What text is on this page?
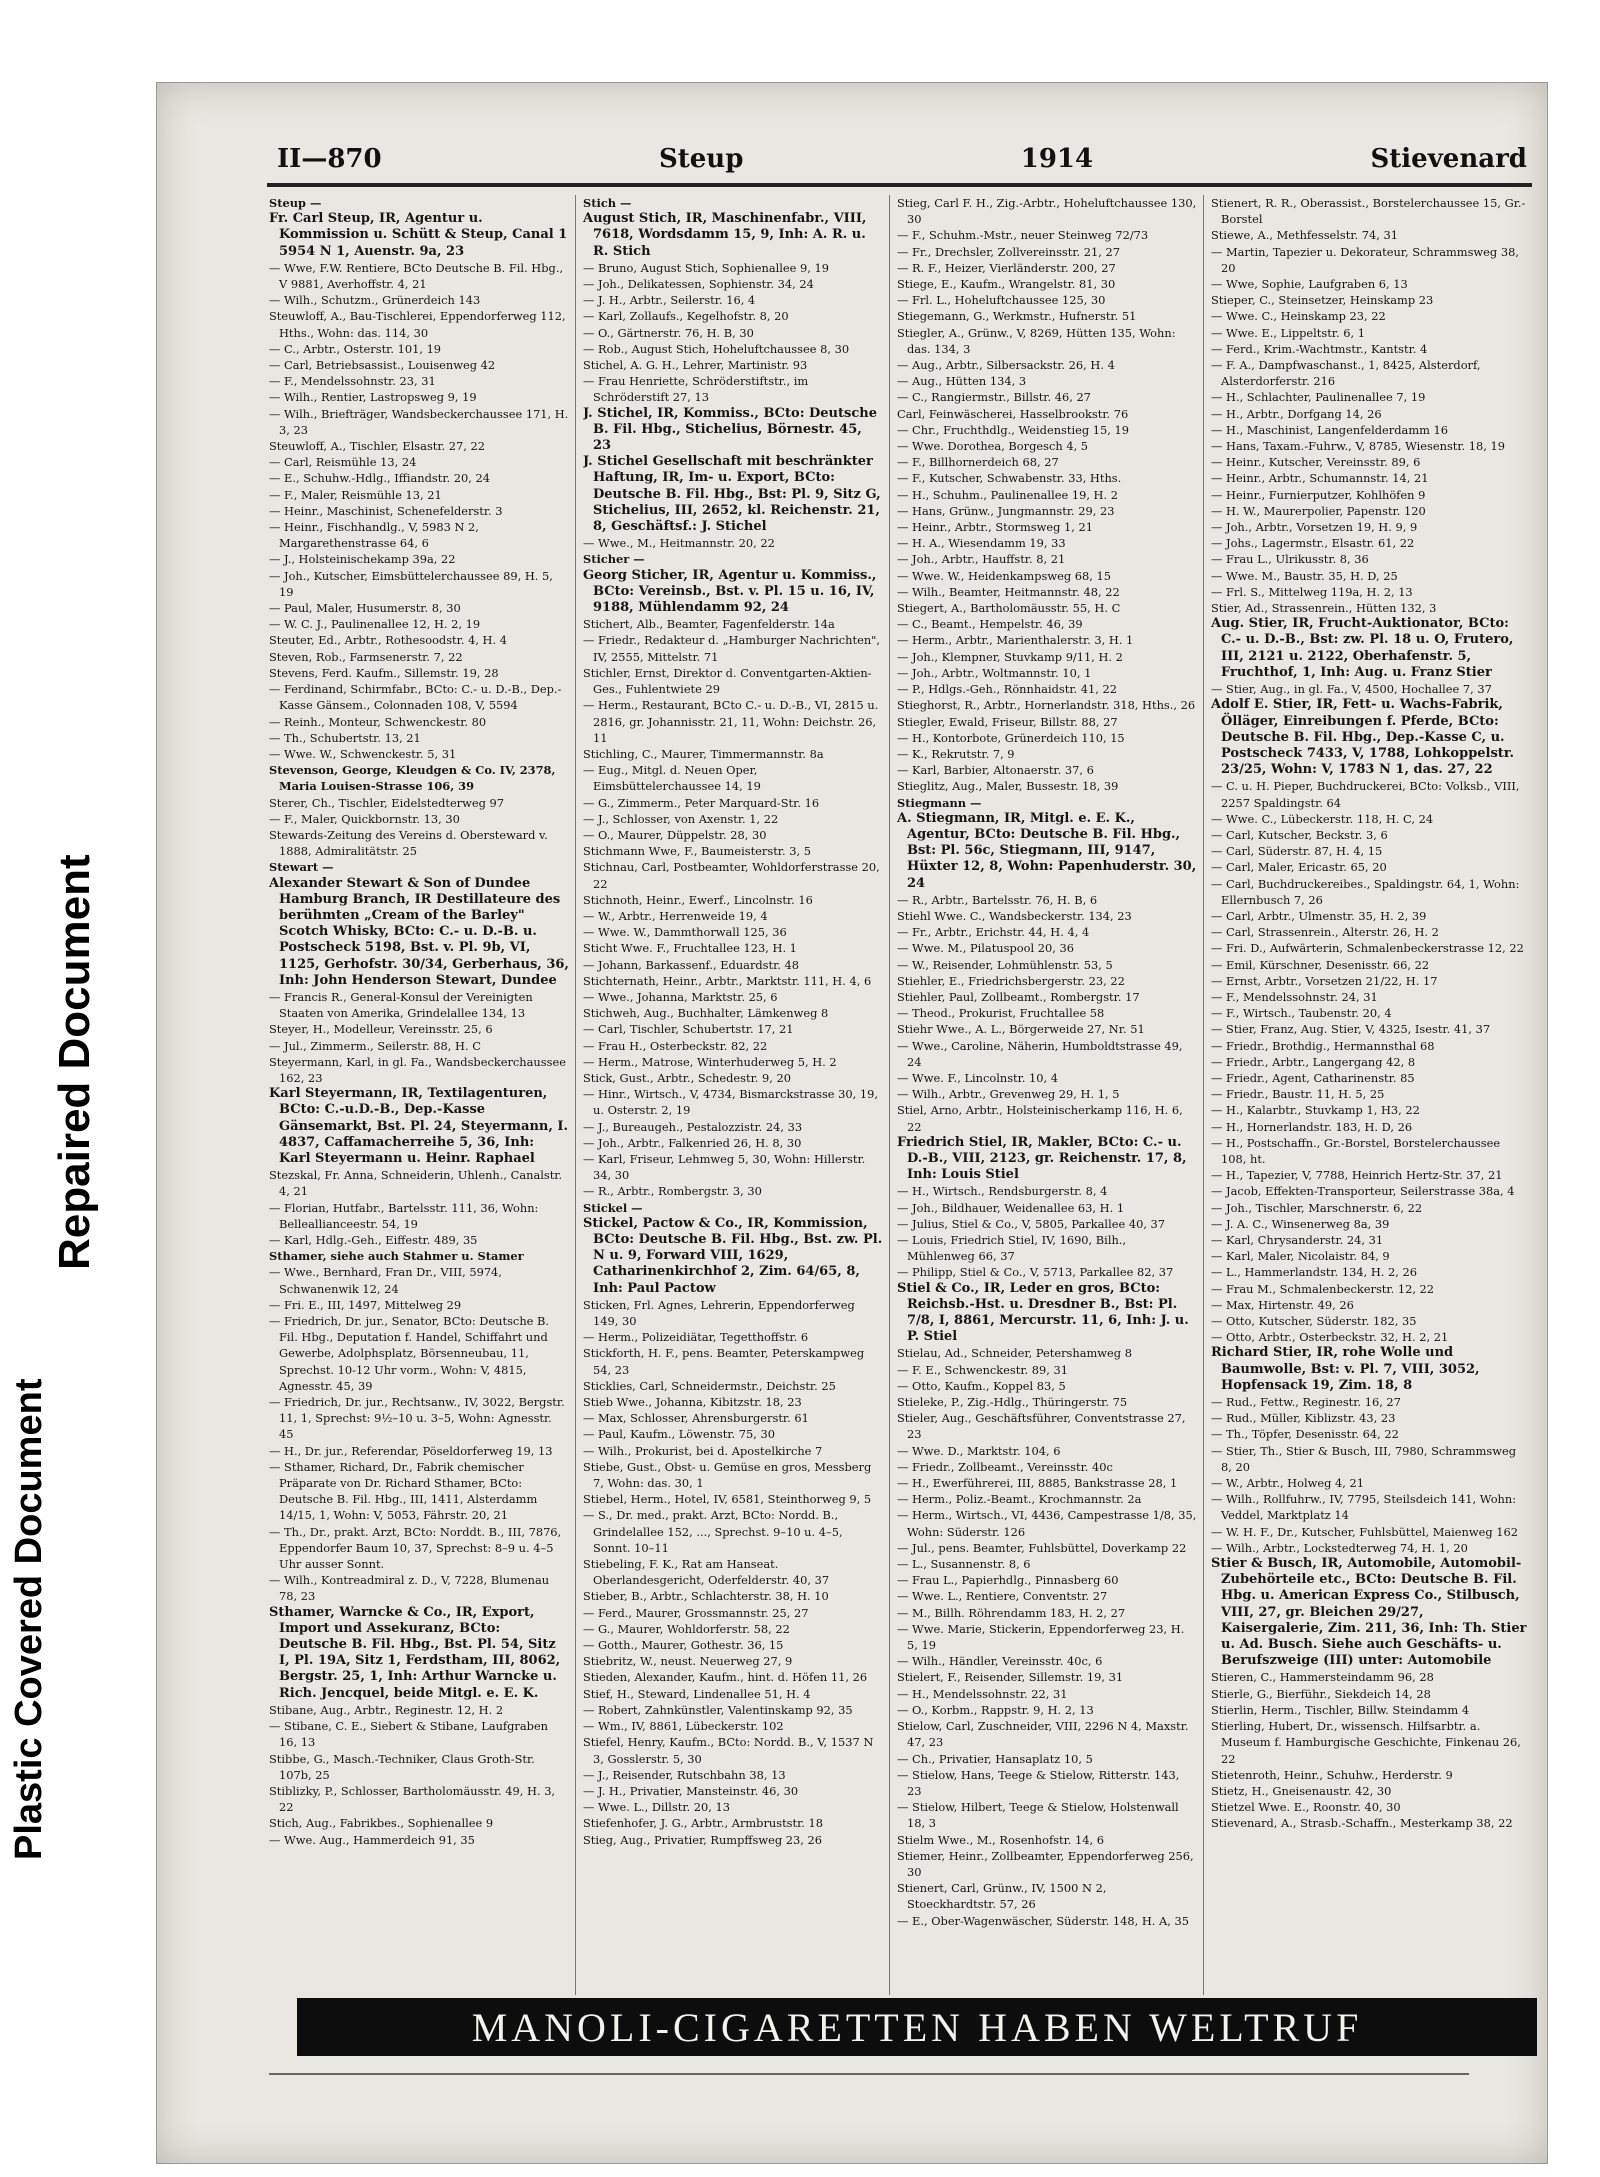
Plastic Covered Document
Repaired Document
II—870	Steup	1914	Stievenard

Steup —

Fr. Carl Steup, IR, Agentur u. Kommission u. Schütt & Steup, Canal 1 5954 N 1, Auenstr. 9a, 23

— Wwe, F.W. Rentiere, BCto Deutsche B. Fil. Hbg., V 9881, Averhoffstr. 4, 21

— Wilh., Schutzm., Grünerdeich 143

Steuwloff, A., Bau-Tischlerei, Eppendorferweg 112, Hths., Wohn: das. 114, 30

— C., Arbtr., Osterstr. 101, 19

— Carl, Betriebsassist., Louisenweg 42

— F., Mendelssohnstr. 23, 31

— Wilh., Rentier, Lastropsweg 9, 19

— Wilh., Briefträger, Wandsbeckerchaussee 171, H. 3, 23

Steuwloff, A., Tischler, Elsastr. 27, 22

— Carl, Reismühle 13, 24

— E., Schuhw.-Hdlg., Iffiandstr. 20, 24

— F., Maler, Reismühle 13, 21

— Heinr., Maschinist, Schenefelderstr. 3

— Heinr., Fischhandlg., V, 5983 N 2, Margarethenstrasse 64, 6

— J., Holsteinischekamp 39a, 22

— Joh., Kutscher, Eimsbüttelerchaussee 89, H. 5, 19

— Paul, Maler, Husumerstr. 8, 30

— W. C. J., Paulinenallee 12, H. 2, 19

Steuter, Ed., Arbtr., Rothesoodstr. 4, H. 4

Steven, Rob., Farmsenerstr. 7, 22

Stevens, Ferd. Kaufm., Sillemstr. 19, 28

— Ferdinand, Schirmfabr., BCto: C.- u. D.-B., Dep.-Kasse Gänsem., Colonnaden 108, V, 5594

— Reinh., Monteur, Schwenckestr. 80

— Th., Schubertstr. 13, 21

— Wwe. W., Schwenckestr. 5, 31

Stevenson, George, Kleudgen & Co. IV, 2378, Maria Louisen-Strasse 106, 39

Sterer, Ch., Tischler, Eidelstedterweg 97

— F., Maler, Quickbornstr. 13, 30

Stewards-Zeitung des Vereins d. Obersteward v. 1888, Admiralitätstr. 25

Stewart —

Alexander Stewart & Son of Dundee Hamburg Branch, IR Destillateure des berühmten „Cream of the Barley" Scotch Whisky, BCto: C.- u. D.-B. u. Postscheck 5198, Bst. v. Pl. 9b, VI, 1125, Gerhofstr. 30/34, Gerberhaus, 36, Inh: John Henderson Stewart, Dundee

— Francis R., General-Konsul der Vereinigten Staaten von Amerika, Grindelallee 134, 13

Steyer, H., Modelleur, Vereinsstr. 25, 6

— Jul., Zimmerm., Seilerstr. 88, H. C

Steyermann, Karl, in gl. Fa., Wandsbeckerchaussee 162, 23

Karl Steyermann, IR, Textilagenturen, BCto: C.-u.D.-B., Dep.-Kasse Gänsemarkt, Bst. Pl. 24, Steyermann, I. 4837, Caffamacherreihe 5, 36, Inh: Karl Steyermann u. Heinr. Raphael

Stezskal, Fr. Anna, Schneiderin, Uhlenh., Canalstr. 4, 21

— Florian, Hutfabr., Bartelsstr. 111, 36, Wohn: Belleallianceestr. 54, 19

— Karl, Hdlg.-Geh., Eiffestr. 489, 35

Sthamer, siehe auch Stahmer u. Stamer

— Wwe., Bernhard, Fran Dr., VIII, 5974, Schwanenwik 12, 24

— Fri. E., III, 1497, Mittelweg 29

— Friedrich, Dr. jur., Senator, BCto: Deutsche B. Fil. Hbg., Deputation f. Handel, Schiffahrt und Gewerbe, Adolphsplatz, Börsenneubau, 11, Sprechst. 10-12 Uhr vorm., Wohn: V, 4815, Agnesstr. 45, 39

— Friedrich, Dr. jur., Rechtsanw., IV, 3022, Bergstr. 11, 1, Sprechst: 9½–10 u. 3–5, Wohn: Agnesstr. 45

— H., Dr. jur., Referendar, Pöseldorferweg 19, 13

— Sthamer, Richard, Dr., Fabrik chemischer Präparate von Dr. Richard Sthamer, BCto: Deutsche B. Fil. Hbg., III, 1411, Alsterdamm 14/15, 1, Wohn: V, 5053, Fährstr. 20, 21

— Th., Dr., prakt. Arzt, BCto: Norddt. B., III, 7876, Eppendorfer Baum 10, 37, Sprechst: 8–9 u. 4–5 Uhr ausser Sonnt.

— Wilh., Kontreadmiral z. D., V, 7228, Blumenau 78, 23

Sthamer, Warncke & Co., IR, Export, Import und Assekuranz, BCto: Deutsche B. Fil. Hbg., Bst. Pl. 54, Sitz I, Pl. 19A, Sitz 1, Ferdstham, III, 8062, Bergstr. 25, 1, Inh: Arthur Warncke u. Rich. Jencquel, beide Mitgl. e. E. K.

Stibane, Aug., Arbtr., Reginestr. 12, H. 2

— Stibane, C. E., Siebert & Stibane, Laufgraben 16, 13

Stibbe, G., Masch.-Techniker, Claus Groth-Str. 107b, 25

Stiblizky, P., Schlosser, Bartholomäusstr. 49, H. 3, 22

Stich, Aug., Fabrikbes., Sophienallee 9

— Wwe. Aug., Hammerdeich 91, 35

Stich —

August Stich, IR, Maschinenfabr., VIII, 7618, Wordsdamm 15, 9, Inh: A. R. u. R. Stich

— Bruno, August Stich, Sophienallee 9, 19

— Joh., Delikatessen, Sophienstr. 34, 24

— J. H., Arbtr., Seilerstr. 16, 4

— Karl, Zollaufs., Kegelhofstr. 8, 20

— O., Gärtnerstr. 76, H. B, 30

— Rob., August Stich, Hoheluftchaussee 8, 30

Stichel, A. G. H., Lehrer, Martinistr. 93

— Frau Henriette, Schröderstiftstr., im Schröderstift 27, 13

J. Stichel, IR, Kommiss., BCto: Deutsche B. Fil. Hbg., Stichelius, Börnestr. 45, 23

J. Stichel Gesellschaft mit beschränkter Haftung, IR, Im- u. Export, BCto: Deutsche B. Fil. Hbg., Bst: Pl. 9, Sitz G, Stichelius, III, 2652, kl. Reichenstr. 21, 8, Geschäftsf.: J. Stichel

— Wwe., M., Heitmannstr. 20, 22

Sticher —

Georg Sticher, IR, Agentur u. Kommiss., BCto: Vereinsb., Bst. v. Pl. 15 u. 16, IV, 9188, Mühlendamm 92, 24

Stichert, Alb., Beamter, Fagenfelderstr. 14a

— Friedr., Redakteur d. „Hamburger Nachrichten", IV, 2555, Mittelstr. 71

Stichler, Ernst, Direktor d. Conventgarten-Aktien-Ges., Fuhlentwiete 29

— Herm., Restaurant, BCto C.- u. D.-B., VI, 2815 u. 2816, gr. Johannisstr. 21, 11, Wohn: Deichstr. 26, 11

Stichling, C., Maurer, Timmermannstr. 8a

— Eug., Mitgl. d. Neuen Oper, Eimsbüttelerchaussee 14, 19

— G., Zimmerm., Peter Marquard-Str. 16

— J., Schlosser, von Axenstr. 1, 22

— O., Maurer, Düppelstr. 28, 30

Stichmann Wwe, F., Baumeisterstr. 3, 5

Stichnau, Carl, Postbeamter, Wohldorferstrasse 20, 22

Stichnoth, Heinr., Ewerf., Lincolnstr. 16

— W., Arbtr., Herrenweide 19, 4

— Wwe. W., Dammthorwall 125, 36

Sticht Wwe. F., Fruchtallee 123, H. 1

— Johann, Barkassenf., Eduardstr. 48

Stichternath, Heinr., Arbtr., Marktstr. 111, H. 4, 6

— Wwe., Johanna, Marktstr. 25, 6

Stichweh, Aug., Buchhalter, Lämkenweg 8

— Carl, Tischler, Schubertstr. 17, 21

— Frau H., Osterbeckstr. 82, 22

— Herm., Matrose, Winterhuderweg 5, H. 2

Stick, Gust., Arbtr., Schedestr. 9, 20

— Hinr., Wirtsch., V, 4734, Bismarckstrasse 30, 19, u. Osterstr. 2, 19

— J., Bureaugeh., Pestalozzistr. 24, 33

— Joh., Arbtr., Falkenried 26, H. 8, 30

— Karl, Friseur, Lehmweg 5, 30, Wohn: Hillerstr. 34, 30

— R., Arbtr., Rombergstr. 3, 30

Stickel —

Stickel, Pactow & Co., IR, Kommission, BCto: Deutsche B. Fil. Hbg., Bst. zw. Pl. N u. 9, Forward VIII, 1629, Catharinenkirchhof 2, Zim. 64/65, 8, Inh: Paul Pactow

Sticken, Frl. Agnes, Lehrerin, Eppendorferweg 149, 30

— Herm., Polizeidiätar, Tegetthoffstr. 6

Stickforth, H. F., pens. Beamter, Peterskampweg 54, 23

Sticklies, Carl, Schneidermstr., Deichstr. 25

Stieb Wwe., Johanna, Kibitzstr. 18, 23

— Max, Schlosser, Ahrensburgerstr. 61

— Paul, Kaufm., Löwenstr. 75, 30

— Wilh., Prokurist, bei d. Apostelkirche 7

Stiebe, Gust., Obst- u. Gemüse en gros, Messberg 7, Wohn: das. 30, 1

Stiebel, Herm., Hotel, IV, 6581, Steinthorweg 9, 5

— S., Dr. med., prakt. Arzt, BCto: Nordd. B., Grindelallee 152, ..., Sprechst. 9–10 u. 4–5, Sonnt. 10–11

Stiebeling, F. K., Rat am Hanseat. Oberlandesgericht, Oderfelderstr. 40, 37

Stieber, B., Arbtr., Schlachterstr. 38, H. 10

— Ferd., Maurer, Grossmannstr. 25, 27

— G., Maurer, Wohldorferstr. 58, 22

— Gotth., Maurer, Gothestr. 36, 15

Stiebritz, W., neust. Neuerweg 27, 9

Stieden, Alexander, Kaufm., hint. d. Höfen 11, 26

Stief, H., Steward, Lindenallee 51, H. 4

— Robert, Zahnkünstler, Valentinskamp 92, 35

— Wm., IV, 8861, Lübeckerstr. 102

Stiefel, Henry, Kaufm., BCto: Nordd. B., V, 1537 N 3, Gosslerstr. 5, 30

— J., Reisender, Rutschbahn 38, 13

— J. H., Privatier, Mansteinstr. 46, 30

— Wwe. L., Dillstr. 20, 13

Stiefenhofer, J. G., Arbtr., Armbruststr. 18

Stieg, Aug., Privatier, Rumpffsweg 23, 26

Stieg, Carl F. H., Zig.-Arbtr., Hoheluftchaussee 130, 30

— F., Schuhm.-Mstr., neuer Steinweg 72/73

— Fr., Drechsler, Zollvereinsstr. 21, 27

— R. F., Heizer, Vierländerstr. 200, 27

Stiege, E., Kaufm., Wrangelstr. 81, 30

— Frl. L., Hoheluftchaussee 125, 30

Stiegemann, G., Werkmstr., Hufnerstr. 51

Stiegler, A., Grünw., V, 8269, Hütten 135, Wohn: das. 134, 3

— Aug., Arbtr., Silbersackstr. 26, H. 4

— Aug., Hütten 134, 3

— C., Rangiermstr., Billstr. 46, 27

Carl, Feinwäscherei, Hasselbrookstr. 76

— Chr., Fruchthdlg., Weidenstieg 15, 19

— Wwe. Dorothea, Borgesch 4, 5

— F., Billhornerdeich 68, 27

— F., Kutscher, Schwabenstr. 33, Hths.

— H., Schuhm., Paulinenallee 19, H. 2

— Hans, Grünw., Jungmannstr. 29, 23

— Heinr., Arbtr., Stormsweg 1, 21

— H. A., Wiesendamm 19, 33

— Joh., Arbtr., Hauffstr. 8, 21

— Wwe. W., Heidenkampsweg 68, 15

— Wilh., Beamter, Heitmannstr. 48, 22

Stiegert, A., Bartholomäusstr. 55, H. C

— C., Beamt., Hempelstr. 46, 39

— Herm., Arbtr., Marienthalerstr. 3, H. 1

— Joh., Klempner, Stuvkamp 9/11, H. 2

— Joh., Arbtr., Woltmannstr. 10, 1

— P., Hdlgs.-Geh., Rönnhaidstr. 41, 22

Stieghorst, R., Arbtr., Hornerlandstr. 318, Hths., 26

Stiegler, Ewald, Friseur, Billstr. 88, 27

— H., Kontorbote, Grünerdeich 110, 15

— K., Rekrutstr. 7, 9

— Karl, Barbier, Altonaerstr. 37, 6

Stieglitz, Aug., Maler, Bussestr. 18, 39

Stiegmann —

A. Stiegmann, IR, Mitgl. e. E. K., Agentur, BCto: Deutsche B. Fil. Hbg., Bst: Pl. 56c, Stiegmann, III, 9147, Hüxter 12, 8, Wohn: Papenhuderstr. 30, 24

— R., Arbtr., Bartelsstr. 76, H. B, 6

Stiehl Wwe. C., Wandsbeckerstr. 134, 23

— Fr., Arbtr., Erichstr. 44, H. 4, 4

— Wwe. M., Pilatuspool 20, 36

— W., Reisender, Lohmühlenstr. 53, 5

Stiehler, E., Friedrichsbergerstr. 23, 22

Stiehler, Paul, Zollbeamt., Rombergstr. 17

— Theod., Prokurist, Fruchtallee 58

Stiehr Wwe., A. L., Börgerweide 27, Nr. 51

— Wwe., Caroline, Näherin, Humboldtstrasse 49, 24

— Wwe. F., Lincolnstr. 10, 4

— Wilh., Arbtr., Grevenweg 29, H. 1, 5

Stiel, Arno, Arbtr., Holsteinischerkamp 116, H. 6, 22

Friedrich Stiel, IR, Makler, BCto: C.- u. D.-B., VIII, 2123, gr. Reichenstr. 17, 8, Inh: Louis Stiel

— H., Wirtsch., Rendsburgerstr. 8, 4

— Joh., Bildhauer, Weidenallee 63, H. 1

— Julius, Stiel & Co., V, 5805, Parkallee 40, 37

— Louis, Friedrich Stiel, IV, 1690, Bilh., Mühlenweg 66, 37

— Philipp, Stiel & Co., V, 5713, Parkallee 82, 37

Stiel & Co., IR, Leder en gros, BCto: Reichsb.-Hst. u. Dresdner B., Bst: Pl. 7/8, I, 8861, Mercurstr. 11, 6, Inh: J. u. P. Stiel

Stielau, Ad., Schneider, Petershamweg 8

— F. E., Schwenckestr. 89, 31

— Otto, Kaufm., Koppel 83, 5

Stieleke, P., Zig.-Hdlg., Thüringerstr. 75

Stieler, Aug., Geschäftsführer, Conventstrasse 27, 23

— Wwe. D., Marktstr. 104, 6

— Friedr., Zollbeamt., Vereinsstr. 40c

— H., Ewerführerei, III, 8885, Bankstrasse 28, 1

— Herm., Poliz.-Beamt., Krochmannstr. 2a

— Herm., Wirtsch., VI, 4436, Campestrasse 1/8, 35, Wohn: Süderstr. 126

— Jul., pens. Beamter, Fuhlsbüttel, Doverkamp 22

— L., Susannenstr. 8, 6

— Frau L., Papierhdlg., Pinnasberg 60

— Wwe. L., Rentiere, Conventstr. 27

— M., Billh. Röhrendamm 183, H. 2, 27

— Wwe. Marie, Stickerin, Eppendorferweg 23, H. 5, 19

— Wilh., Händler, Vereinsstr. 40c, 6

Stielert, F., Reisender, Sillemstr. 19, 31

— H., Mendelssohnstr. 22, 31

— O., Korbm., Rappstr. 9, H. 2, 13

Stielow, Carl, Zuschneider, VIII, 2296 N 4, Maxstr. 47, 23

— Ch., Privatier, Hansaplatz 10, 5

— Stielow, Hans, Teege & Stielow, Ritterstr. 143, 23

— Stielow, Hilbert, Teege & Stielow, Holstenwall 18, 3

Stielm Wwe., M., Rosenhofstr. 14, 6

Stiemer, Heinr., Zollbeamter, Eppendorferweg 256, 30

Stienert, Carl, Grünw., IV, 1500 N 2, Stoeckhardtstr. 57, 26

— E., Ober-Wagenwäscher, Süderstr. 148, H. A, 35

Stienert, R. R., Oberassist., Borstelerchaussee 15, Gr.-Borstel

Stiewe, A., Methfesselstr. 74, 31

— Martin, Tapezier u. Dekorateur, Schrammsweg 38, 20

— Wwe, Sophie, Laufgraben 6, 13

Stieper, C., Steinsetzer, Heinskamp 23

— Wwe. C., Heinskamp 23, 22

— Wwe. E., Lippeltstr. 6, 1

— Ferd., Krim.-Wachtmstr., Kantstr. 4

— F. A., Dampfwaschanst., 1, 8425, Alsterdorf, Alsterdorferstr. 216

— H., Schlachter, Paulinenallee 7, 19

— H., Arbtr., Dorfgang 14, 26

— H., Maschinist, Langenfelderdamm 16

— Hans, Taxam.-Fuhrw., V, 8785, Wiesenstr. 18, 19

— Heinr., Kutscher, Vereinsstr. 89, 6

— Heinr., Arbtr., Schumannstr. 14, 21

— Heinr., Furnierputzer, Kohlhöfen 9

— H. W., Maurerpolier, Papenstr. 120

— Joh., Arbtr., Vorsetzen 19, H. 9, 9

— Johs., Lagermstr., Elsastr. 61, 22

— Frau L., Ulrikusstr. 8, 36

— Wwe. M., Baustr. 35, H. D, 25

— Frl. S., Mittelweg 119a, H. 2, 13

Stier, Ad., Strassenrein., Hütten 132, 3

Aug. Stier, IR, Frucht-Auktionator, BCto: C.- u. D.-B., Bst: zw. Pl. 18 u. O, Frutero, III, 2121 u. 2122, Oberhafenstr. 5, Fruchthof, 1, Inh: Aug. u. Franz Stier

— Stier, Aug., in gl. Fa., V, 4500, Hochallee 7, 37

Adolf E. Stier, IR, Fett- u. Wachs-Fabrik, Ölläger, Einreibungen f. Pferde, BCto: Deutsche B. Fil. Hbg., Dep.-Kasse C, u. Postscheck 7433, V, 1788, Lohkoppelstr. 23/25, Wohn: V, 1783 N 1, das. 27, 22

— C. u. H. Pieper, Buchdruckerei, BCto: Volksb., VIII, 2257 Spaldingstr. 64

— Wwe. C., Lübeckerstr. 118, H. C, 24

— Carl, Kutscher, Beckstr. 3, 6

— Carl, Süderstr. 87, H. 4, 15

— Carl, Maler, Ericastr. 65, 20

— Carl, Buchdruckereibes., Spaldingstr. 64, 1, Wohn: Ellernbusch 7, 26

— Carl, Arbtr., Ulmenstr. 35, H. 2, 39

— Carl, Strassenrein., Alterstr. 26, H. 2

— Fri. D., Aufwärterin, Schmalenbeckerstrasse 12, 22

— Emil, Kürschner, Desenisstr. 66, 22

— Ernst, Arbtr., Vorsetzen 21/22, H. 17

— F., Mendelssohnstr. 24, 31

— F., Wirtsch., Taubenstr. 20, 4

— Stier, Franz, Aug. Stier, V, 4325, Isestr. 41, 37

— Friedr., Brothdig., Hermannsthal 68

— Friedr., Arbtr., Langergang 42, 8

— Friedr., Agent, Catharinenstr. 85

— Friedr., Baustr. 11, H. 5, 25

— H., Kalarbtr., Stuvkamp 1, H3, 22

— H., Hornerlandstr. 183, H. D, 26

— H., Postschaffn., Gr.-Borstel, Borstelerchaussee 108, ht.

— H., Tapezier, V, 7788, Heinrich Hertz-Str. 37, 21

— Jacob, Effekten-Transporteur, Seilerstrasse 38a, 4

— Joh., Tischler, Marschnerstr. 6, 22

— J. A. C., Winsenerweg 8a, 39

— Karl, Chrysanderstr. 24, 31

— Karl, Maler, Nicolaistr. 84, 9

— L., Hammerlandstr. 134, H. 2, 26

— Frau M., Schmalenbeckerstr. 12, 22

— Max, Hirtenstr. 49, 26

— Otto, Kutscher, Süderstr. 182, 35

— Otto, Arbtr., Osterbeckstr. 32, H. 2, 21

Richard Stier, IR, rohe Wolle und Baumwolle, Bst: v. Pl. 7, VIII, 3052, Hopfensack 19, Zim. 18, 8

— Rud., Fettw., Reginestr. 16, 27

— Rud., Müller, Kiblizstr. 43, 23

— Th., Töpfer, Desenisstr. 64, 22

— Stier, Th., Stier & Busch, III, 7980, Schrammsweg 8, 20

— W., Arbtr., Holweg 4, 21

— Wilh., Rollfuhrw., IV, 7795, Steilsdeich 141, Wohn: Veddel, Marktplatz 14

— W. H. F., Dr., Kutscher, Fuhlsbüttel, Maienweg 162

— Wilh., Arbtr., Lockstedterweg 74, H. 1, 20

Stier & Busch, IR, Automobile, Automobil-Zubehörteile etc., BCto: Deutsche B. Fil. Hbg. u. American Express Co., Stilbusch, VIII, 27, gr. Bleichen 29/27, Kaisergalerie, Zim. 211, 36, Inh: Th. Stier u. Ad. Busch. Siehe auch Geschäfts- u. Berufszweige (III) unter: Automobile

Stieren, C., Hammersteindamm 96, 28

Stierle, G., Bierführ., Siekdeich 14, 28

Stierlin, Herm., Tischler, Billw. Steindamm 4

Stierling, Hubert, Dr., wissensch. Hilfsarbtr. a. Museum f. Hamburgische Geschichte, Finkenau 26, 22

Stietenroth, Heinr., Schuhw., Herderstr. 9

Stietz, H., Gneisenaustr. 42, 30

Stietzel Wwe. E., Roonstr. 40, 30

Stievenard, A., Strasb.-Schaffn., Mesterkamp 38, 22

MANOLI-CIGARETTEN HABEN WELTRUF
